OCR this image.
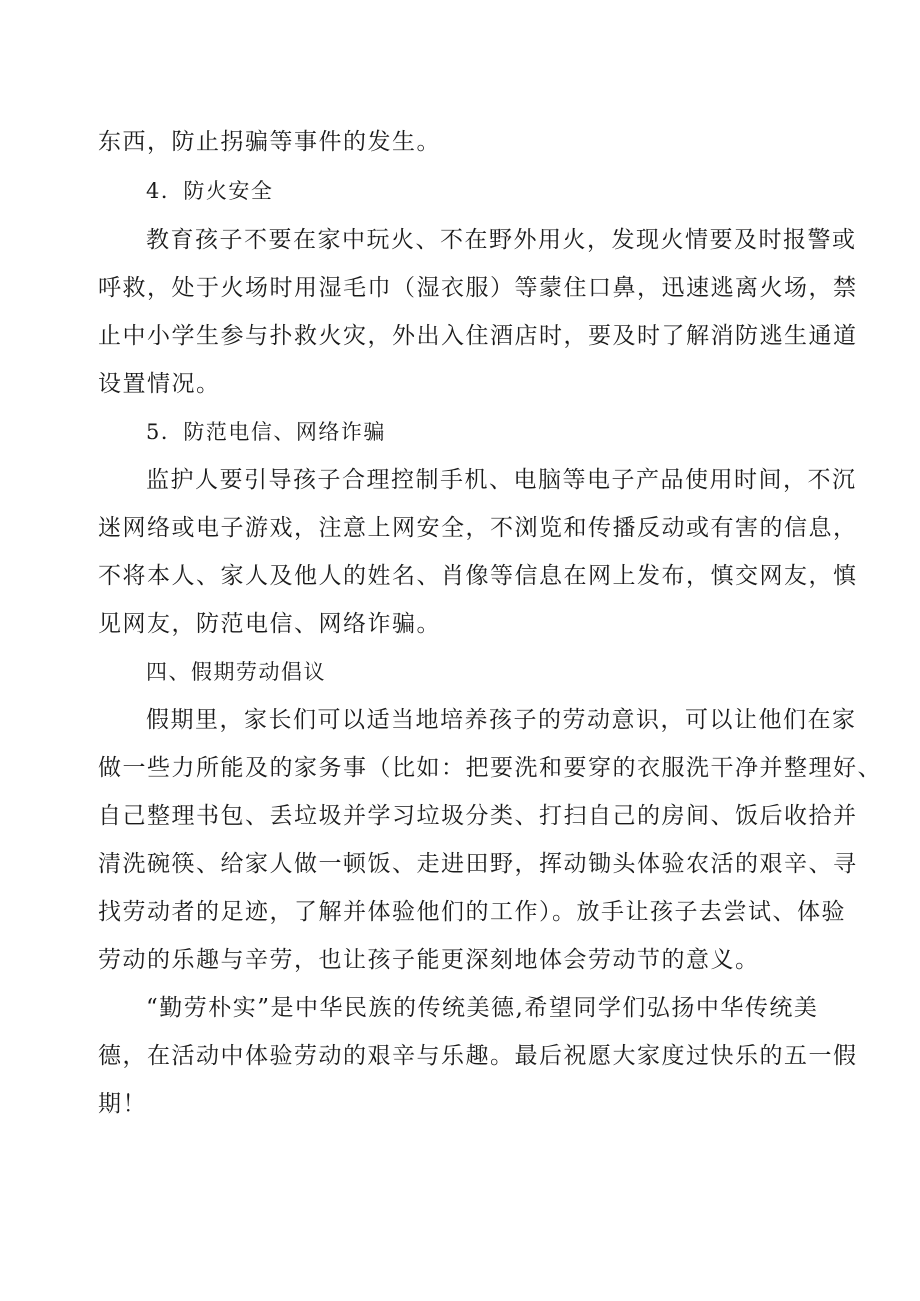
东西，防止拐骗等事件的发生。
4．防火安全
教育孩子不要在家中玩火、不在野外用火，发现火情要及时报警或
呼救，处于火场时用湿毛巾（湿衣服）等蒙住口鼻，迅速逃离火场，禁
止中小学生参与扑救火灾，外出入住酒店时，要及时了解消防逃生通道
设置情况。
5．防范电信、网络诈骗
监护人要引导孩子合理控制手机、电脑等电子产品使用时间，不沉
迷网络或电子游戏，注意上网安全，不浏览和传播反动或有害的信息，
不将本人、家人及他人的姓名、肖像等信息在网上发布，慎交网友，慎
见网友，防范电信、网络诈骗。
四、假期劳动倡议
假期里，家长们可以适当地培养孩子的劳动意识，可以让他们在家
做一些力所能及的家务事（比如：把要洗和要穿的衣服洗干净并整理好、
自己整理书包、丢垃圾并学习垃圾分类、打扫自己的房间、饭后收拾并
清洗碗筷、给家人做一顿饭、走进田野，挥动锄头体验农活的艰辛、寻
找劳动者的足迹，了解并体验他们的工作）。放手让孩子去尝试、体验
劳动的乐趣与辛劳，也让孩子能更深刻地体会劳动节的意义。
“勤劳朴实”是中华民族的传统美德,希望同学们弘扬中华传统美
德，在活动中体验劳动的艰辛与乐趣。最后祝愿大家度过快乐的五一假
期！
